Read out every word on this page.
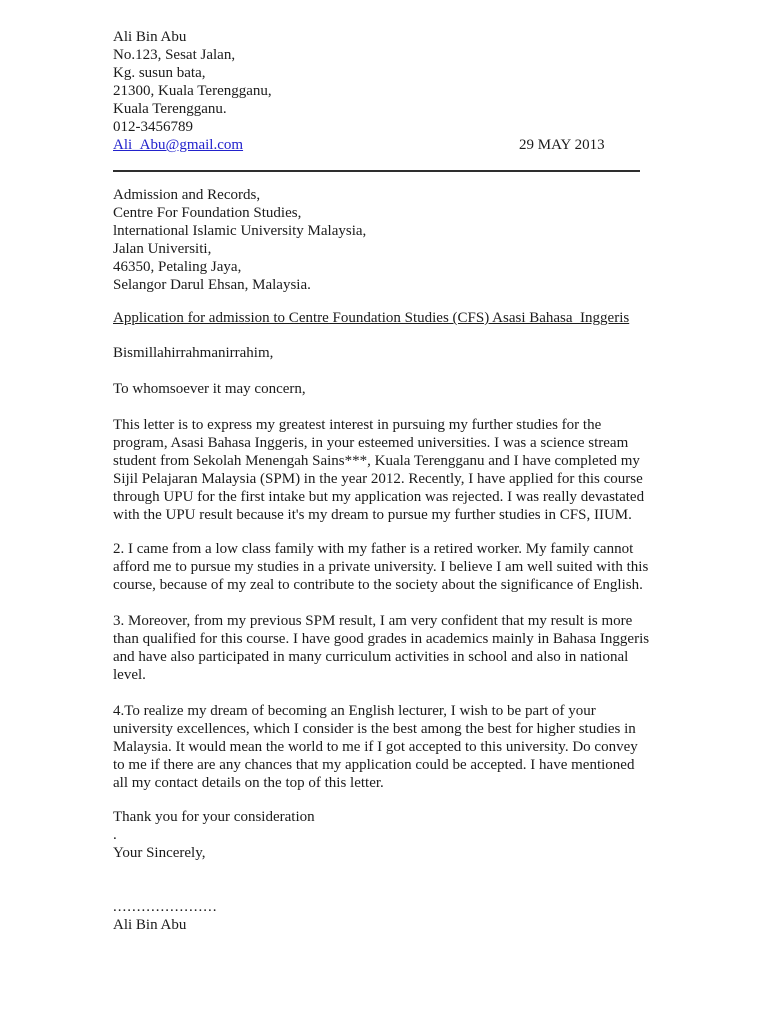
Ali Bin Abu
No.123, Sesat Jalan,
Kg. susun bata,
21300, Kuala Terengganu,
Kuala Terengganu.
012-3456789
Ali_Abu@gmail.com	29 MAY 2013
Admission and Records,
Centre For Foundation Studies,
lnternational Islamic University Malaysia,
Jalan Universiti,
46350, Petaling Jaya,
Selangor Darul Ehsan, Malaysia.
Application for admission to Centre Foundation Studies (CFS) Asasi Bahasa  Inggeris
Bismillahirrahmanirrahim,
To whomsoever it may concern,
This letter is to express my greatest interest in pursuing my further studies for the
program, Asasi Bahasa Inggeris, in your esteemed universities. I was a science stream
student from Sekolah Menengah Sains***, Kuala Terengganu and I have completed my
Sijil Pelajaran Malaysia (SPM) in the year 2012. Recently, I have applied for this course
through UPU for the first intake but my application was rejected. I was really devastated
with the UPU result because it's my dream to pursue my further studies in CFS, IIUM.
2. I came from a low class family with my father is a retired worker. My family cannot
afford me to pursue my studies in a private university. I believe I am well suited with this
course, because of my zeal to contribute to the society about the significance of English.
3. Moreover, from my previous SPM result, I am very confident that my result is more
than qualified for this course. I have good grades in academics mainly in Bahasa Inggeris
and have also participated in many curriculum activities in school and also in national
level.
4.To realize my dream of becoming an English lecturer, I wish to be part of your
university excellences, which I consider is the best among the best for higher studies in
Malaysia. It would mean the world to me if I got accepted to this university. Do convey
to me if there are any chances that my application could be accepted. I have mentioned
all my contact details on the top of this letter.
Thank you for your consideration
.
Your Sincerely,
......................
Ali Bin Abu
